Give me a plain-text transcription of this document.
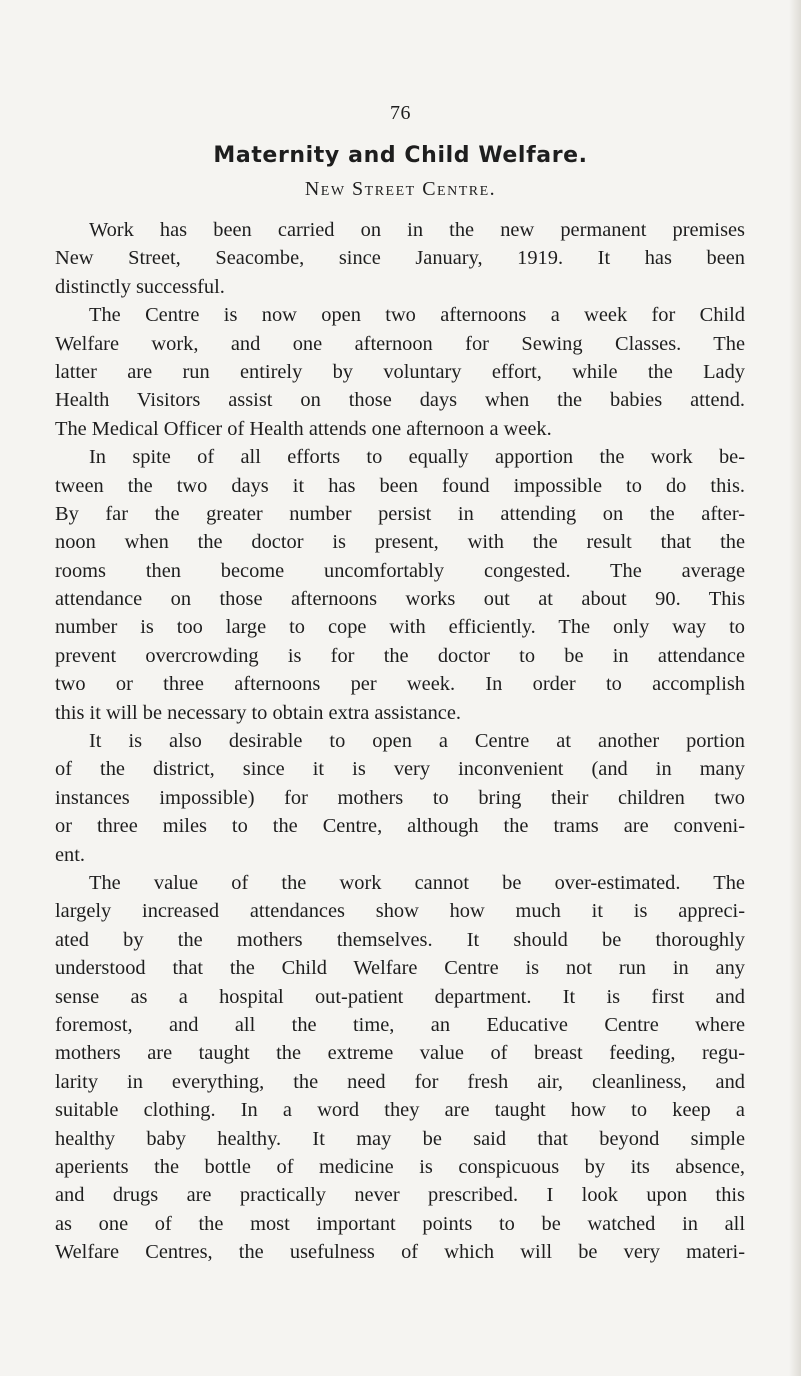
76
Maternity and Child Welfare.
New Street Centre.
Work has been carried on in the new permanent premises
New Street, Seacombe, since January, 1919. It has been
distinctly successful.
The Centre is now open two afternoons a week for Child
Welfare work, and one afternoon for Sewing Classes. The
latter are run entirely by voluntary effort, while the Lady
Health Visitors assist on those days when the babies attend.
The Medical Officer of Health attends one afternoon a week.
In spite of all efforts to equally apportion the work be-
tween the two days it has been found impossible to do this.
By far the greater number persist in attending on the after-
noon when the doctor is present, with the result that the
rooms then become uncomfortably congested. The average
attendance on those afternoons works out at about 90. This
number is too large to cope with efficiently. The only way to
prevent overcrowding is for the doctor to be in attendance
two or three afternoons per week. In order to accomplish
this it will be necessary to obtain extra assistance.
It is also desirable to open a Centre at another portion
of the district, since it is very inconvenient (and in many
instances impossible) for mothers to bring their children two
or three miles to the Centre, although the trams are conveni-
ent.
The value of the work cannot be over-estimated. The
largely increased attendances show how much it is appreci-
ated by the mothers themselves. It should be thoroughly
understood that the Child Welfare Centre is not run in any
sense as a hospital out-patient department. It is first and
foremost, and all the time, an Educative Centre where
mothers are taught the extreme value of breast feeding, regu-
larity in everything, the need for fresh air, cleanliness, and
suitable clothing. In a word they are taught how to keep a
healthy baby healthy. It may be said that beyond simple
aperients the bottle of medicine is conspicuous by its absence,
and drugs are practically never prescribed. I look upon this
as one of the most important points to be watched in all
Welfare Centres, the usefulness of which will be very materi-
